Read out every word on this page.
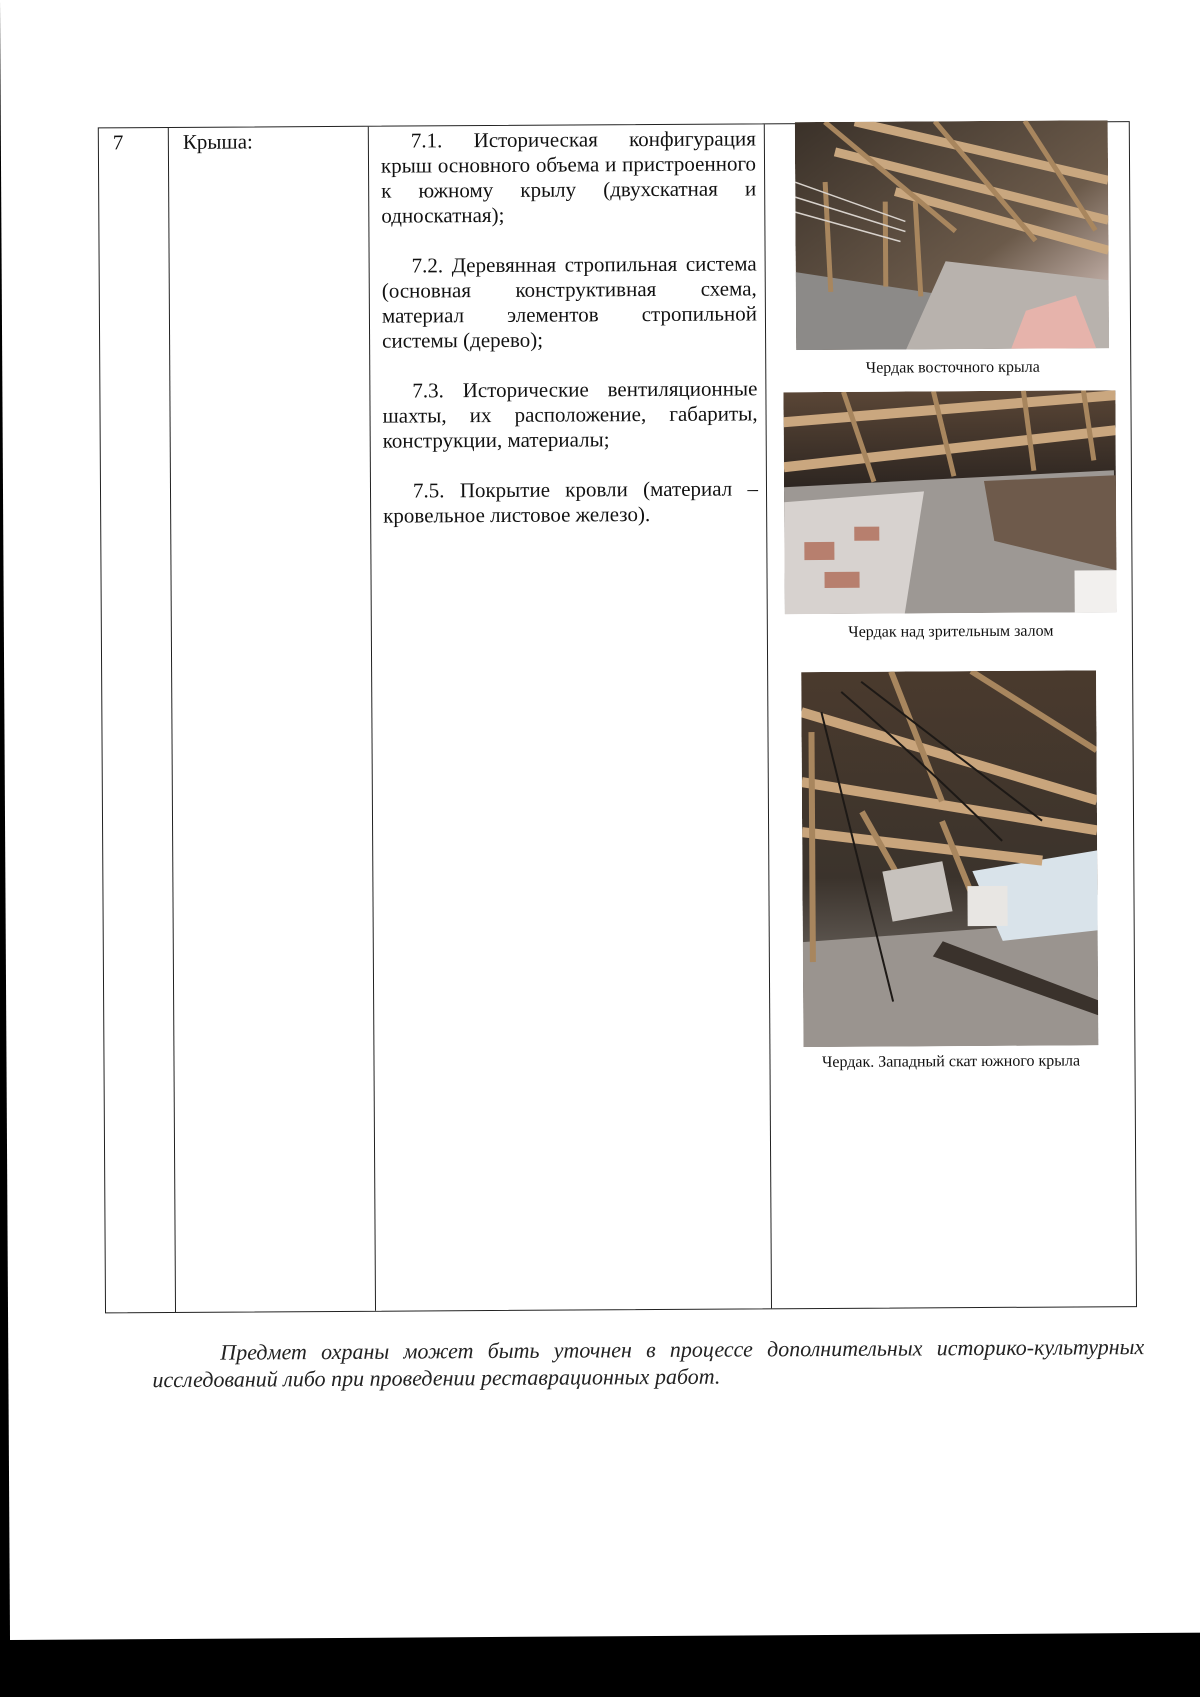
7	Крыша:	7.1. Историческая конфигурация крыш основного объема и пристроенного к южному крылу (двухскатная и односкатная);

7.2. Деревянная стропильная система (основная конструктивная схема, материал элементов стропильной системы (дерево);

7.3. Исторические вентиляционные шахты, их расположение, габариты, конструкции, материалы;

7.5. Покрытие кровли (материал – кровельное листовое железо).

Чердак восточного крыла
Чердак над зрительным залом
Чердак. Западный скат южного крыла
Предмет охраны может быть уточнен в процессе дополнительных историко-культурных исследований либо при проведении реставрационных работ.
